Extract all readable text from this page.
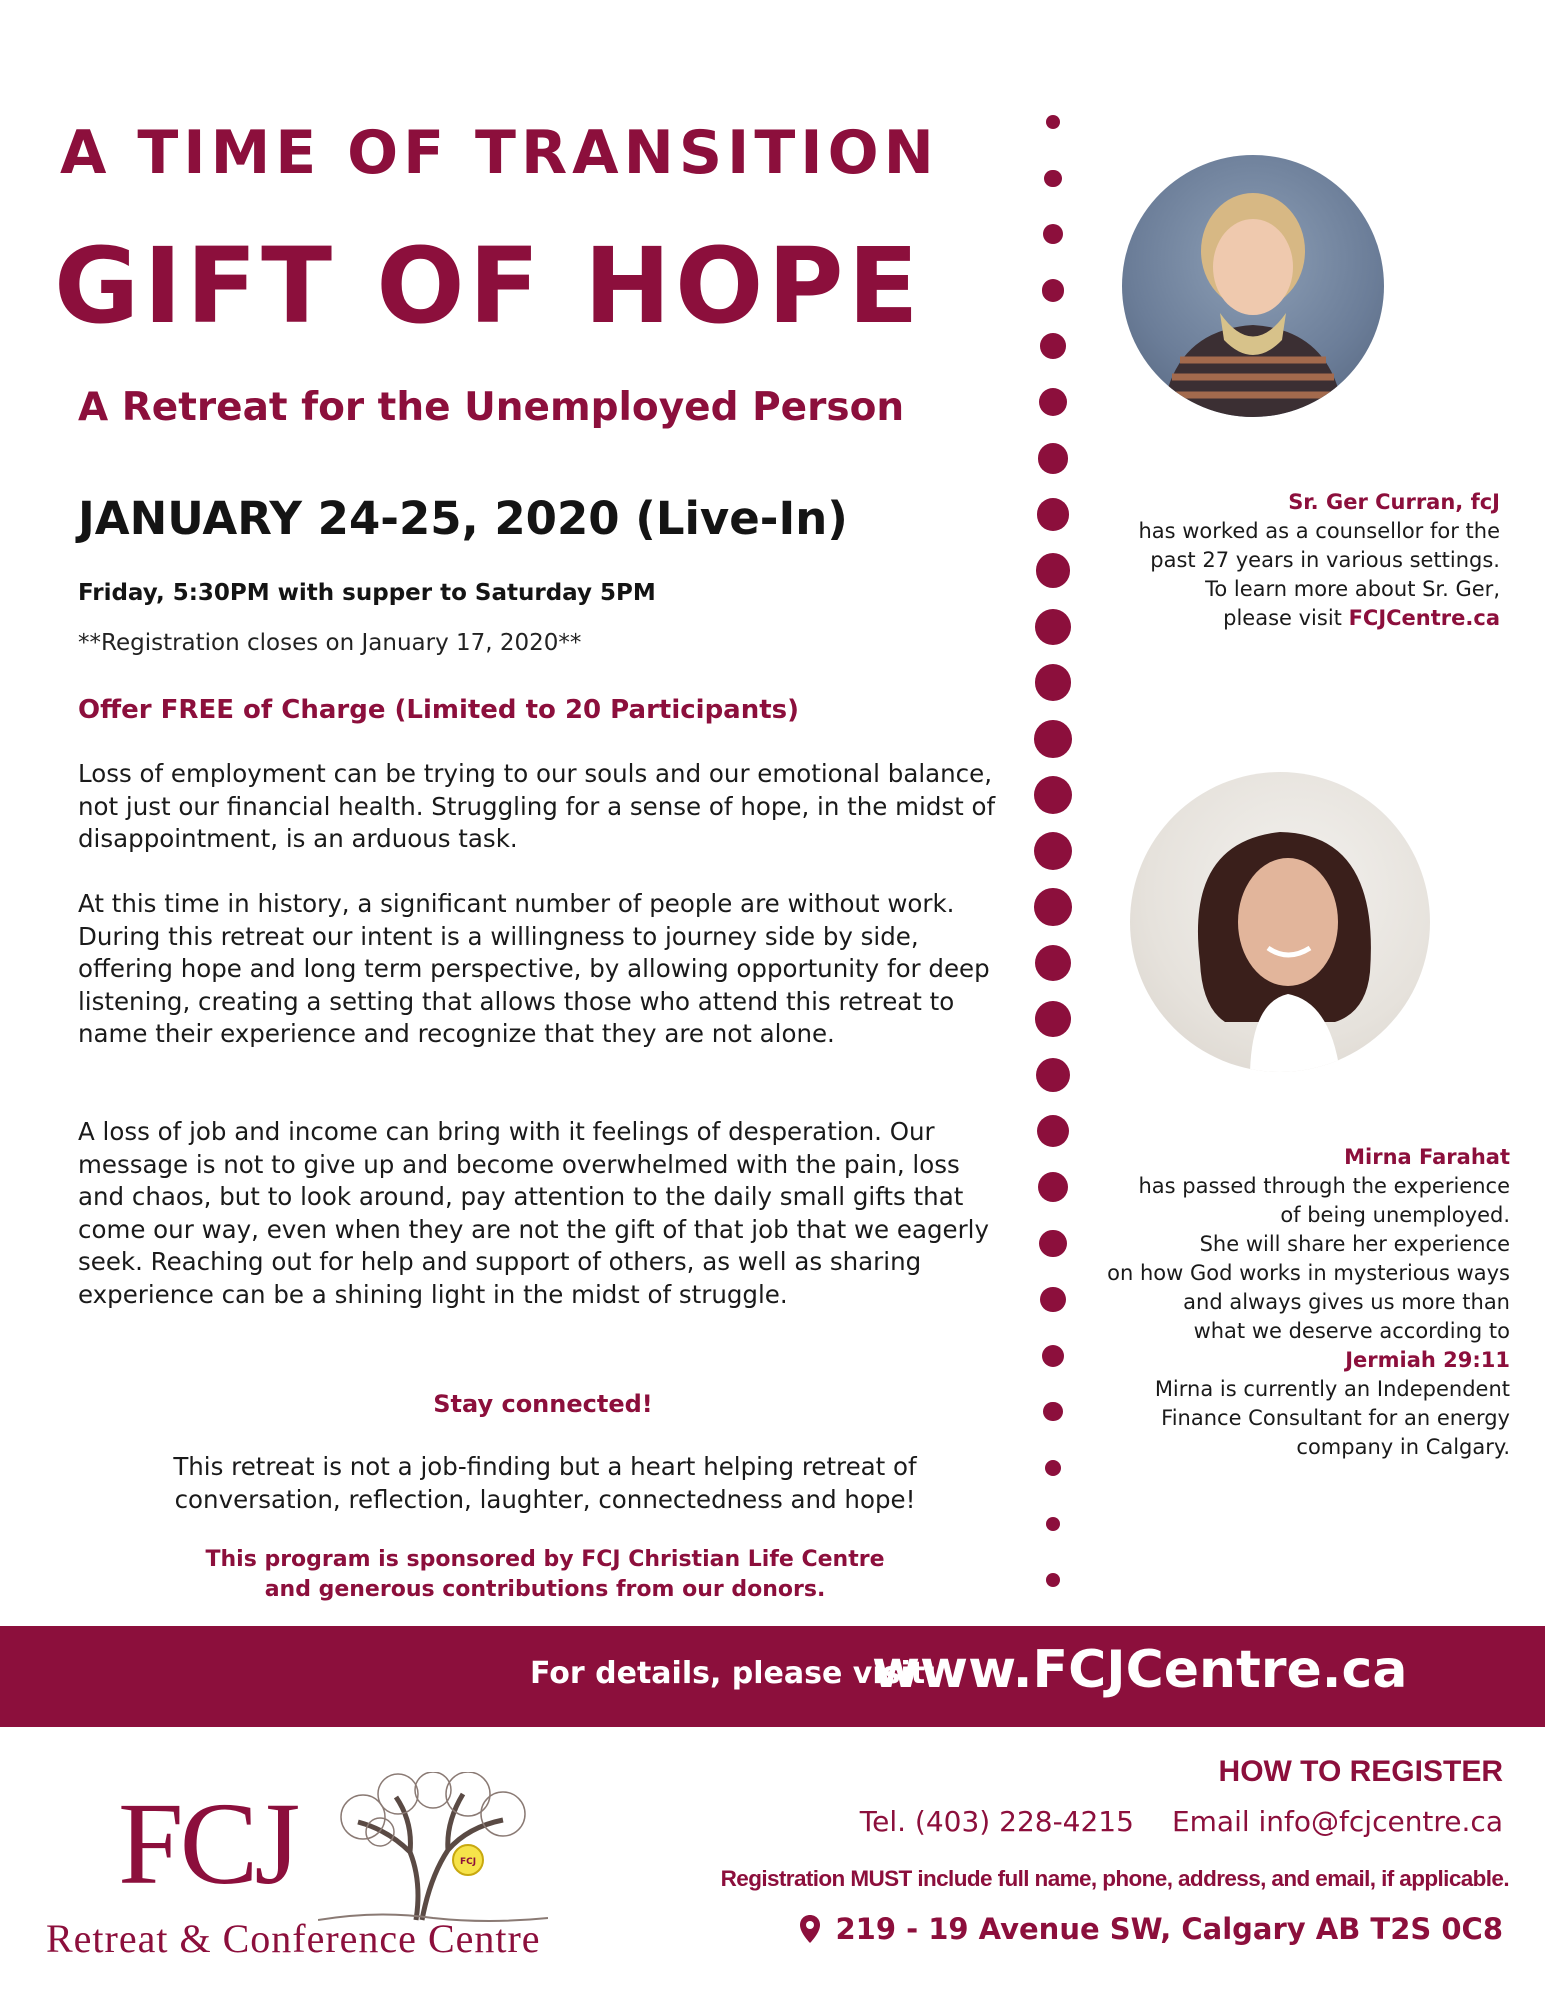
A TIME OF TRANSITION
GIFT OF HOPE
A Retreat for the Unemployed Person
JANUARY 24-25, 2020 (Live-In)
Friday, 5:30PM with supper to Saturday 5PM
**Registration closes on January 17, 2020**
Offer FREE of Charge (Limited to 20 Participants)

Loss of employment can be trying to our souls and our emotional balance, not just our financial health. Struggling for a sense of hope, in the midst of disappointment, is an arduous task.

At this time in history, a significant number of people are without work. During this retreat our intent is a willingness to journey side by side, offering hope and long term perspective, by allowing opportunity for deep listening, creating a setting that allows those who attend this retreat to name their experience and recognize that they are not alone.

A loss of job and income can bring with it feelings of desperation. Our message is not to give up and become overwhelmed with the pain, loss and chaos, but to look around, pay attention to the daily small gifts that come our way, even when they are not the gift of that job that we eagerly seek. Reaching out for help and support of others, as well as sharing experience can be a shining light in the midst of struggle.

Stay connected!
This retreat is not a job-finding but a heart helping retreat of conversation, reflection, laughter, connectedness and hope!
This program is sponsored by FCJ Christian Life Centre
and generous contributions from our donors.
Sr. Ger Curran, fcJ
has worked as a counsellor for the
past 27 years in various settings.
To learn more about Sr. Ger,
please visit FCJCentre.ca
Mirna Farahat
has passed through the experience
of being unemployed.
She will share her experience
on how God works in mysterious ways
and always gives us more than
what we deserve according to
Jermiah 29:11
Mirna is currently an Independent
Finance Consultant for an energy
company in Calgary.
For details, please visit:
www.FCJCentre.ca
FCJ	FCJ
Retreat & Conference Centre
HOW TO REGISTER
Tel. (403) 228-4215 Email info@fcjcentre.ca
Registration MUST include full name, phone, address, and email, if applicable.
219 - 19 Avenue SW, Calgary AB T2S 0C8
